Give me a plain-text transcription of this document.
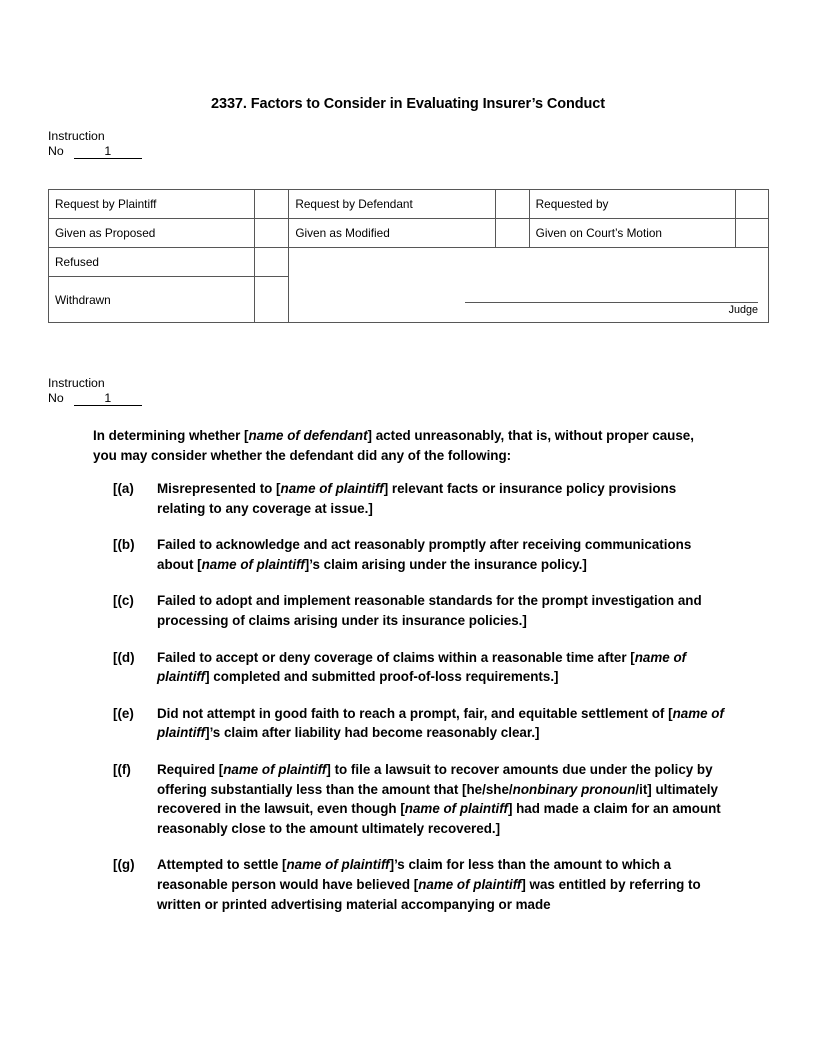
2337. Factors to Consider in Evaluating Insurer’s Conduct
Instruction
No	1
Request by Plaintiff		Request by Defendant		Requested by	
Given as Proposed		Given as Modified		Given on Court’s Motion	
Refused		Judge			

Withdrawn					
Instruction
No	1
In determining whether [name of defendant] acted unreasonably, that is, without proper cause, you may consider whether the defendant did any of the following:
[(a)	Misrepresented to [name of plaintiff] relevant facts or insurance policy provisions relating to any coverage at issue.]
[(b)	Failed to acknowledge and act reasonably promptly after receiving communications about [name of plaintiff]’s claim arising under the insurance policy.]
[(c)	Failed to adopt and implement reasonable standards for the prompt investigation and processing of claims arising under its insurance policies.]
[(d)	Failed to accept or deny coverage of claims within a reasonable time after [name of plaintiff] completed and submitted proof-of-loss requirements.]
[(e)	Did not attempt in good faith to reach a prompt, fair, and equitable settlement of [name of plaintiff]’s claim after liability had become reasonably clear.]
[(f)	Required [name of plaintiff] to file a lawsuit to recover amounts due under the policy by offering substantially less than the amount that [he/she/nonbinary pronoun/it] ultimately recovered in the lawsuit, even though [name of plaintiff] had made a claim for an amount reasonably close to the amount ultimately recovered.]
[(g)	Attempted to settle [name of plaintiff]’s claim for less than the amount to which a reasonable person would have believed [name of plaintiff] was entitled by referring to written or printed advertising material accompanying or made
